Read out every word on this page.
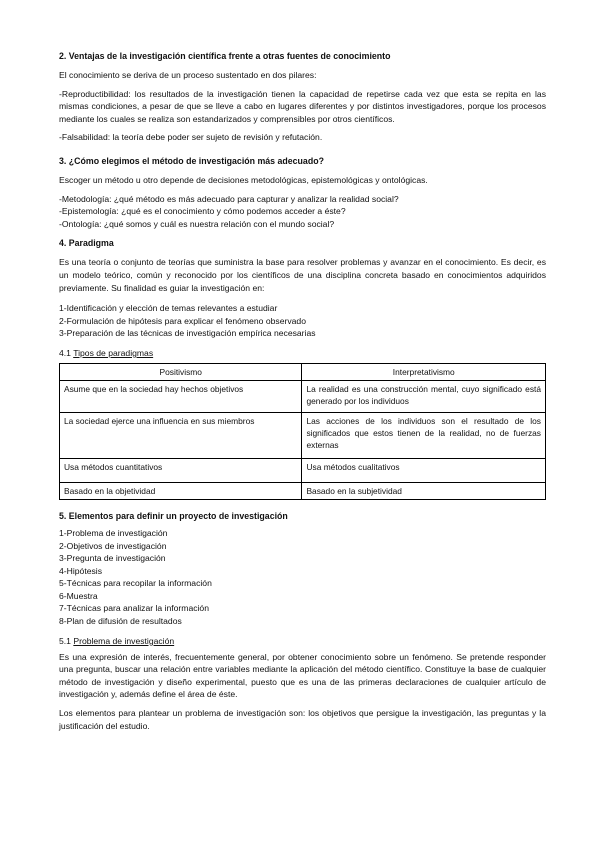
2. Ventajas de la investigación científica frente a otras fuentes de conocimiento

El conocimiento se deriva de un proceso sustentado en dos pilares:

-Reproductibilidad: los resultados de la investigación tienen la capacidad de repetirse cada vez que esta se repita en las mismas condiciones, a pesar de que se lleve a cabo en lugares diferentes y por distintos investigadores, porque los procesos mediante los cuales se realiza son estandarizados y comprensibles por otros científicos.

-Falsabilidad: la teoría debe poder ser sujeto de revisión y refutación.

3. ¿Cómo elegimos el método de investigación más adecuado?

Escoger un método u otro depende de decisiones metodológicas, epistemológicas y ontológicas.

-Metodología: ¿qué método es más adecuado para capturar y analizar la realidad social?
-Epistemología: ¿qué es el conocimiento y cómo podemos acceder a éste?
-Ontología: ¿qué somos y cuál es nuestra relación con el mundo social?
4. Paradigma

Es una teoría o conjunto de teorías que suministra la base para resolver problemas y avanzar en el conocimiento. Es decir, es un modelo teórico, común y reconocido por los científicos de una disciplina concreta basado en conocimientos adquiridos previamente. Su finalidad es guiar la investigación en:

1-Identificación y elección de temas relevantes a estudiar
2-Formulación de hipótesis para explicar el fenómeno observado
3-Preparación de las técnicas de investigación empírica necesarias
4.1 Tipos de paradigmas
Positivismo	Interpretativismo
Asume que en la sociedad hay hechos objetivos	La realidad es una construcción mental, cuyo significado está generado por los individuos
La sociedad ejerce una influencia en sus miembros	Las acciones de los individuos son el resultado de los significados que estos tienen de la realidad, no de fuerzas externas
Usa métodos cuantitativos	Usa métodos cualitativos
Basado en la objetividad	Basado en la subjetividad
5. Elementos para definir un proyecto de investigación
1-Problema de investigación
2-Objetivos de investigación
3-Pregunta de investigación
4-Hipótesis
5-Técnicas para recopilar la información
6-Muestra
7-Técnicas para analizar la información
8-Plan de difusión de resultados
5.1 Problema de investigación

Es una expresión de interés, frecuentemente general, por obtener conocimiento sobre un fenómeno. Se pretende responder una pregunta, buscar una relación entre variables mediante la aplicación del método científico. Constituye la base de cualquier método de investigación y diseño experimental, puesto que es una de las primeras declaraciones de cualquier artículo de investigación y, además define el área de éste.

Los elementos para plantear un problema de investigación son: los objetivos que persigue la investigación, las preguntas y la justificación del estudio.
